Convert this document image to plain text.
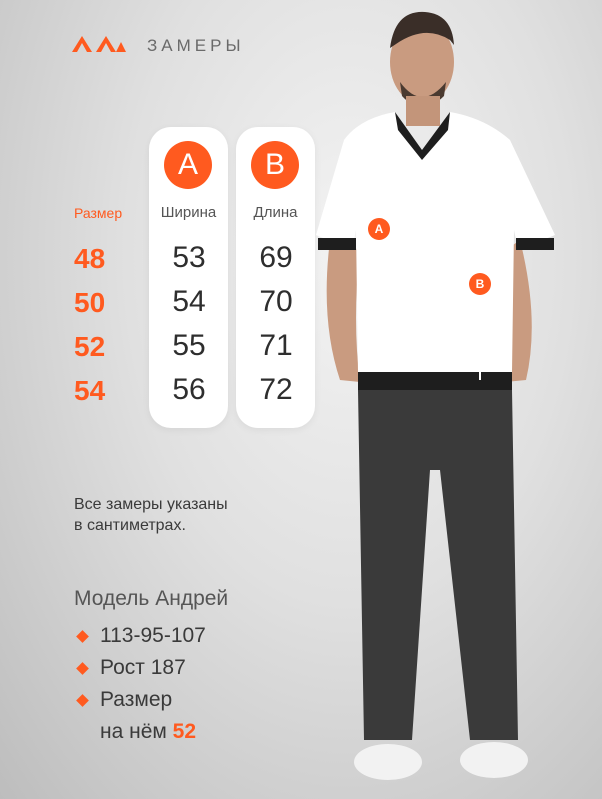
ЗАМЕРЫ
Размер
48
50
52
54
A
Ширина
53
54
55
56
B
Длина
69
70
71
72
Все замеры указаны
в сантиметрах.
Модель Андрей
113-95-107
Рост 187
Размер
на нём 52
A
B
